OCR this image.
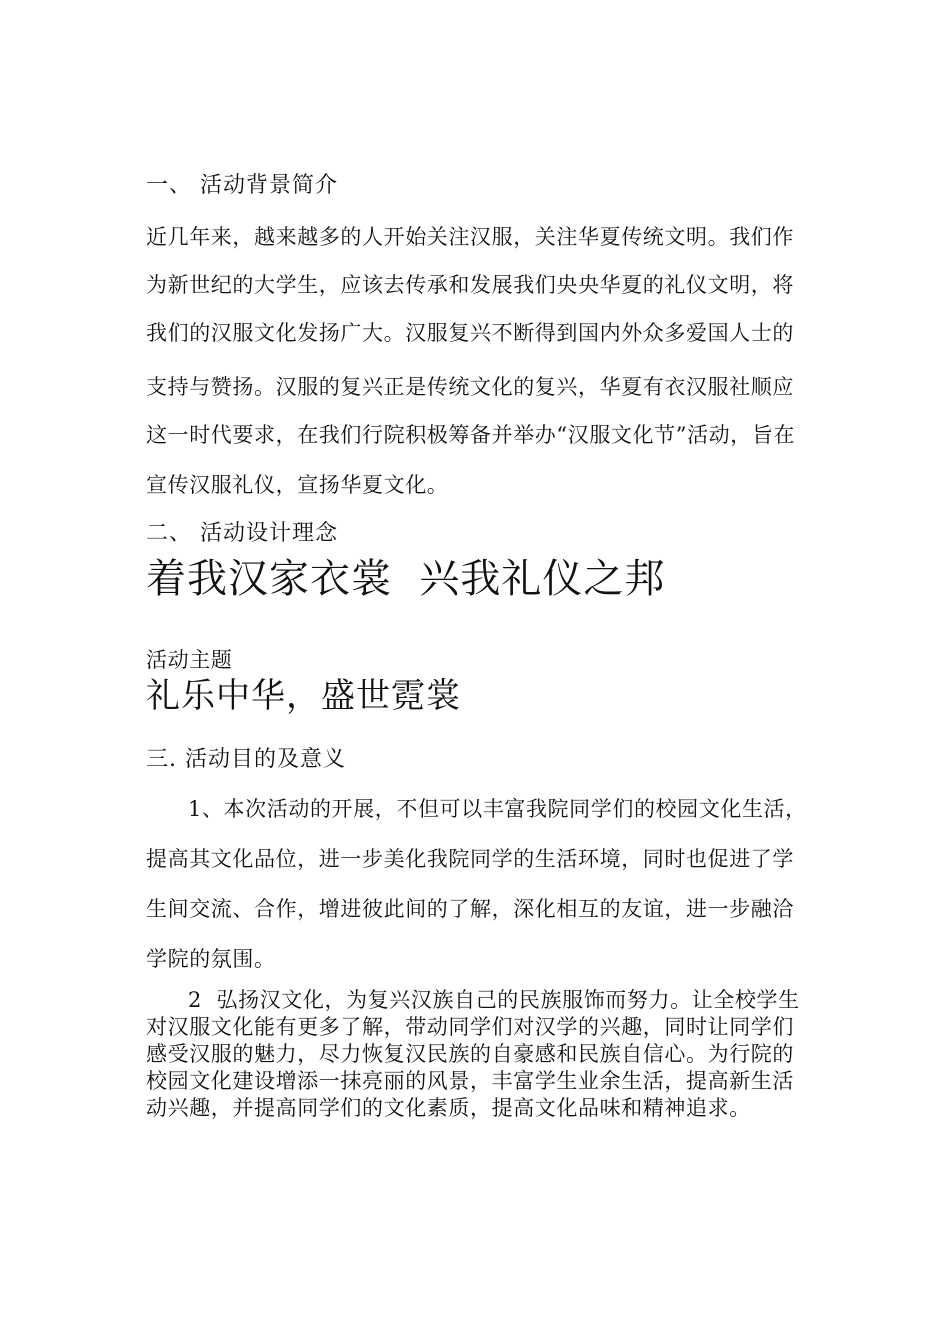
一、 活动背景简介
近几年来，越来越多的人开始关注汉服，关注华夏传统文明。我们作
为新世纪的大学生，应该去传承和发展我们央央华夏的礼仪文明，将
我们的汉服文化发扬广大。汉服复兴不断得到国内外众多爱国人士的
支持与赞扬。汉服的复兴正是传统文化的复兴，华夏有衣汉服社顺应
这一时代要求，在我们行院积极筹备并举办“汉服文化节”活动，旨在
宣传汉服礼仪，宣扬华夏文化。
二、 活动设计理念
着我汉家衣裳  兴我礼仪之邦
活动主题
礼乐中华，盛世霓裳
三. 活动目的及意义
1、本次活动的开展，不但可以丰富我院同学们的校园文化生活，
提高其文化品位，进一步美化我院同学的生活环境，同时也促进了学
生间交流、合作，增进彼此间的了解，深化相互的友谊，进一步融洽
学院的氛围。
2  弘扬汉文化，为复兴汉族自己的民族服饰而努力。让全校学生
对汉服文化能有更多了解，带动同学们对汉学的兴趣，同时让同学们
感受汉服的魅力，尽力恢复汉民族的自豪感和民族自信心。为行院的
校园文化建设增添一抹亮丽的风景，丰富学生业余生活，提高新生活
动兴趣，并提高同学们的文化素质，提高文化品味和精神追求。
